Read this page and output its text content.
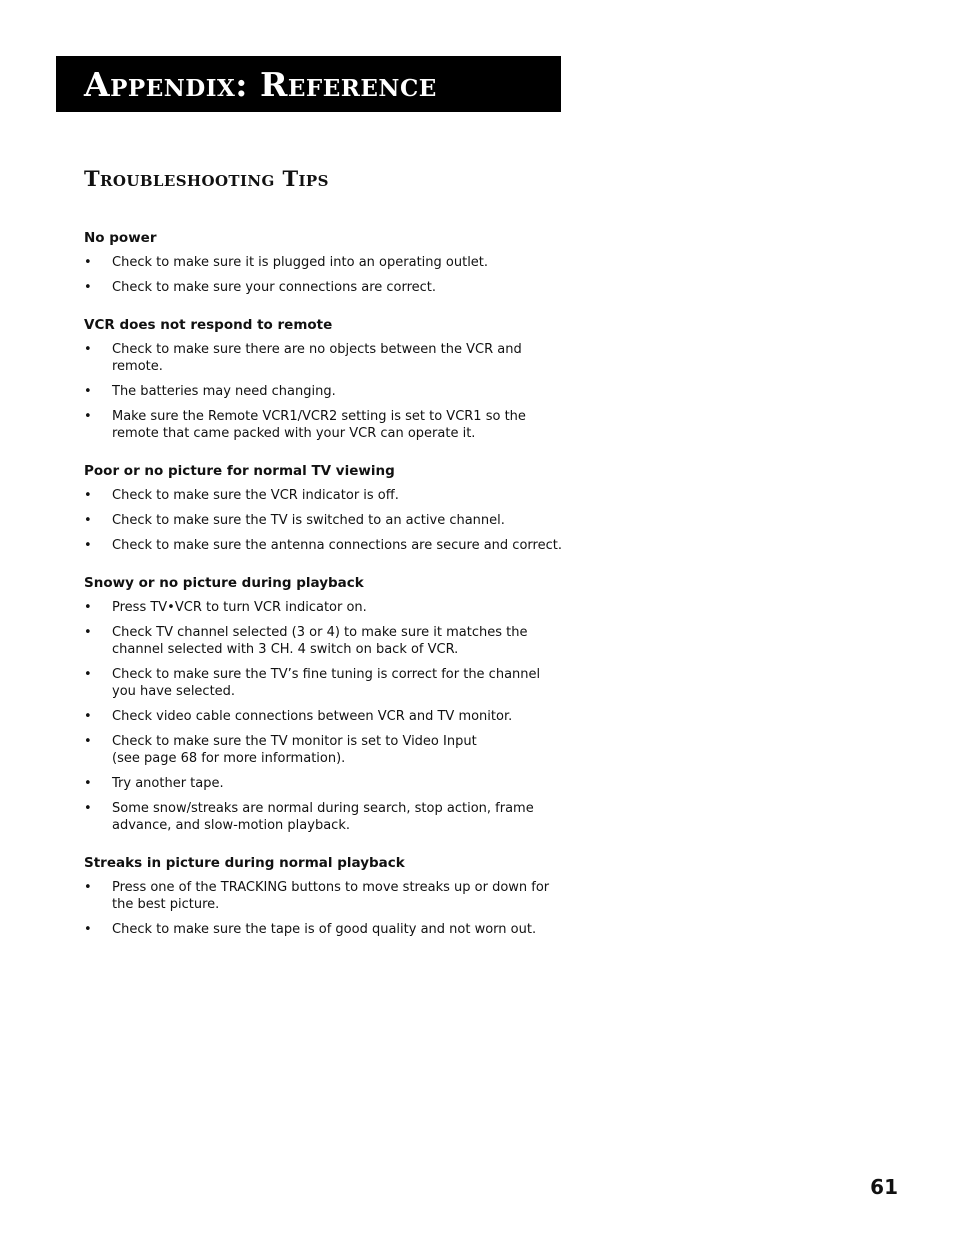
Appendix: Reference
Troubleshooting Tips
No power
•	Check to make sure it is plugged into an operating outlet.
•	Check to make sure your connections are correct.
VCR does not respond to remote
•	Check to make sure there are no objects between the VCR and
remote.
•	The batteries may need changing.
•	Make sure the Remote VCR1/VCR2 setting is set to VCR1 so the
remote that came packed with your VCR can operate it.
Poor or no picture for normal TV viewing
•	Check to make sure the VCR indicator is off.
•	Check to make sure the TV is switched to an active channel.
•	Check to make sure the antenna connections are secure and correct.
Snowy or no picture during playback
•	Press TV•VCR to turn VCR indicator on.
•	Check TV channel selected (3 or 4) to make sure it matches the
channel selected with 3 CH. 4 switch on back of VCR.
•	Check to make sure the TV’s fine tuning is correct for the channel
you have selected.
•	Check video cable connections between VCR and TV monitor.
•	Check to make sure the TV monitor is set to Video Input
(see page 68 for more information).
•	Try another tape.
•	Some snow/streaks are normal during search, stop action, frame
advance, and slow-motion playback.
Streaks in picture during normal playback
•	Press one of the TRACKING buttons to move streaks up or down for
the best picture.
•	Check to make sure the tape is of good quality and not worn out.
61
